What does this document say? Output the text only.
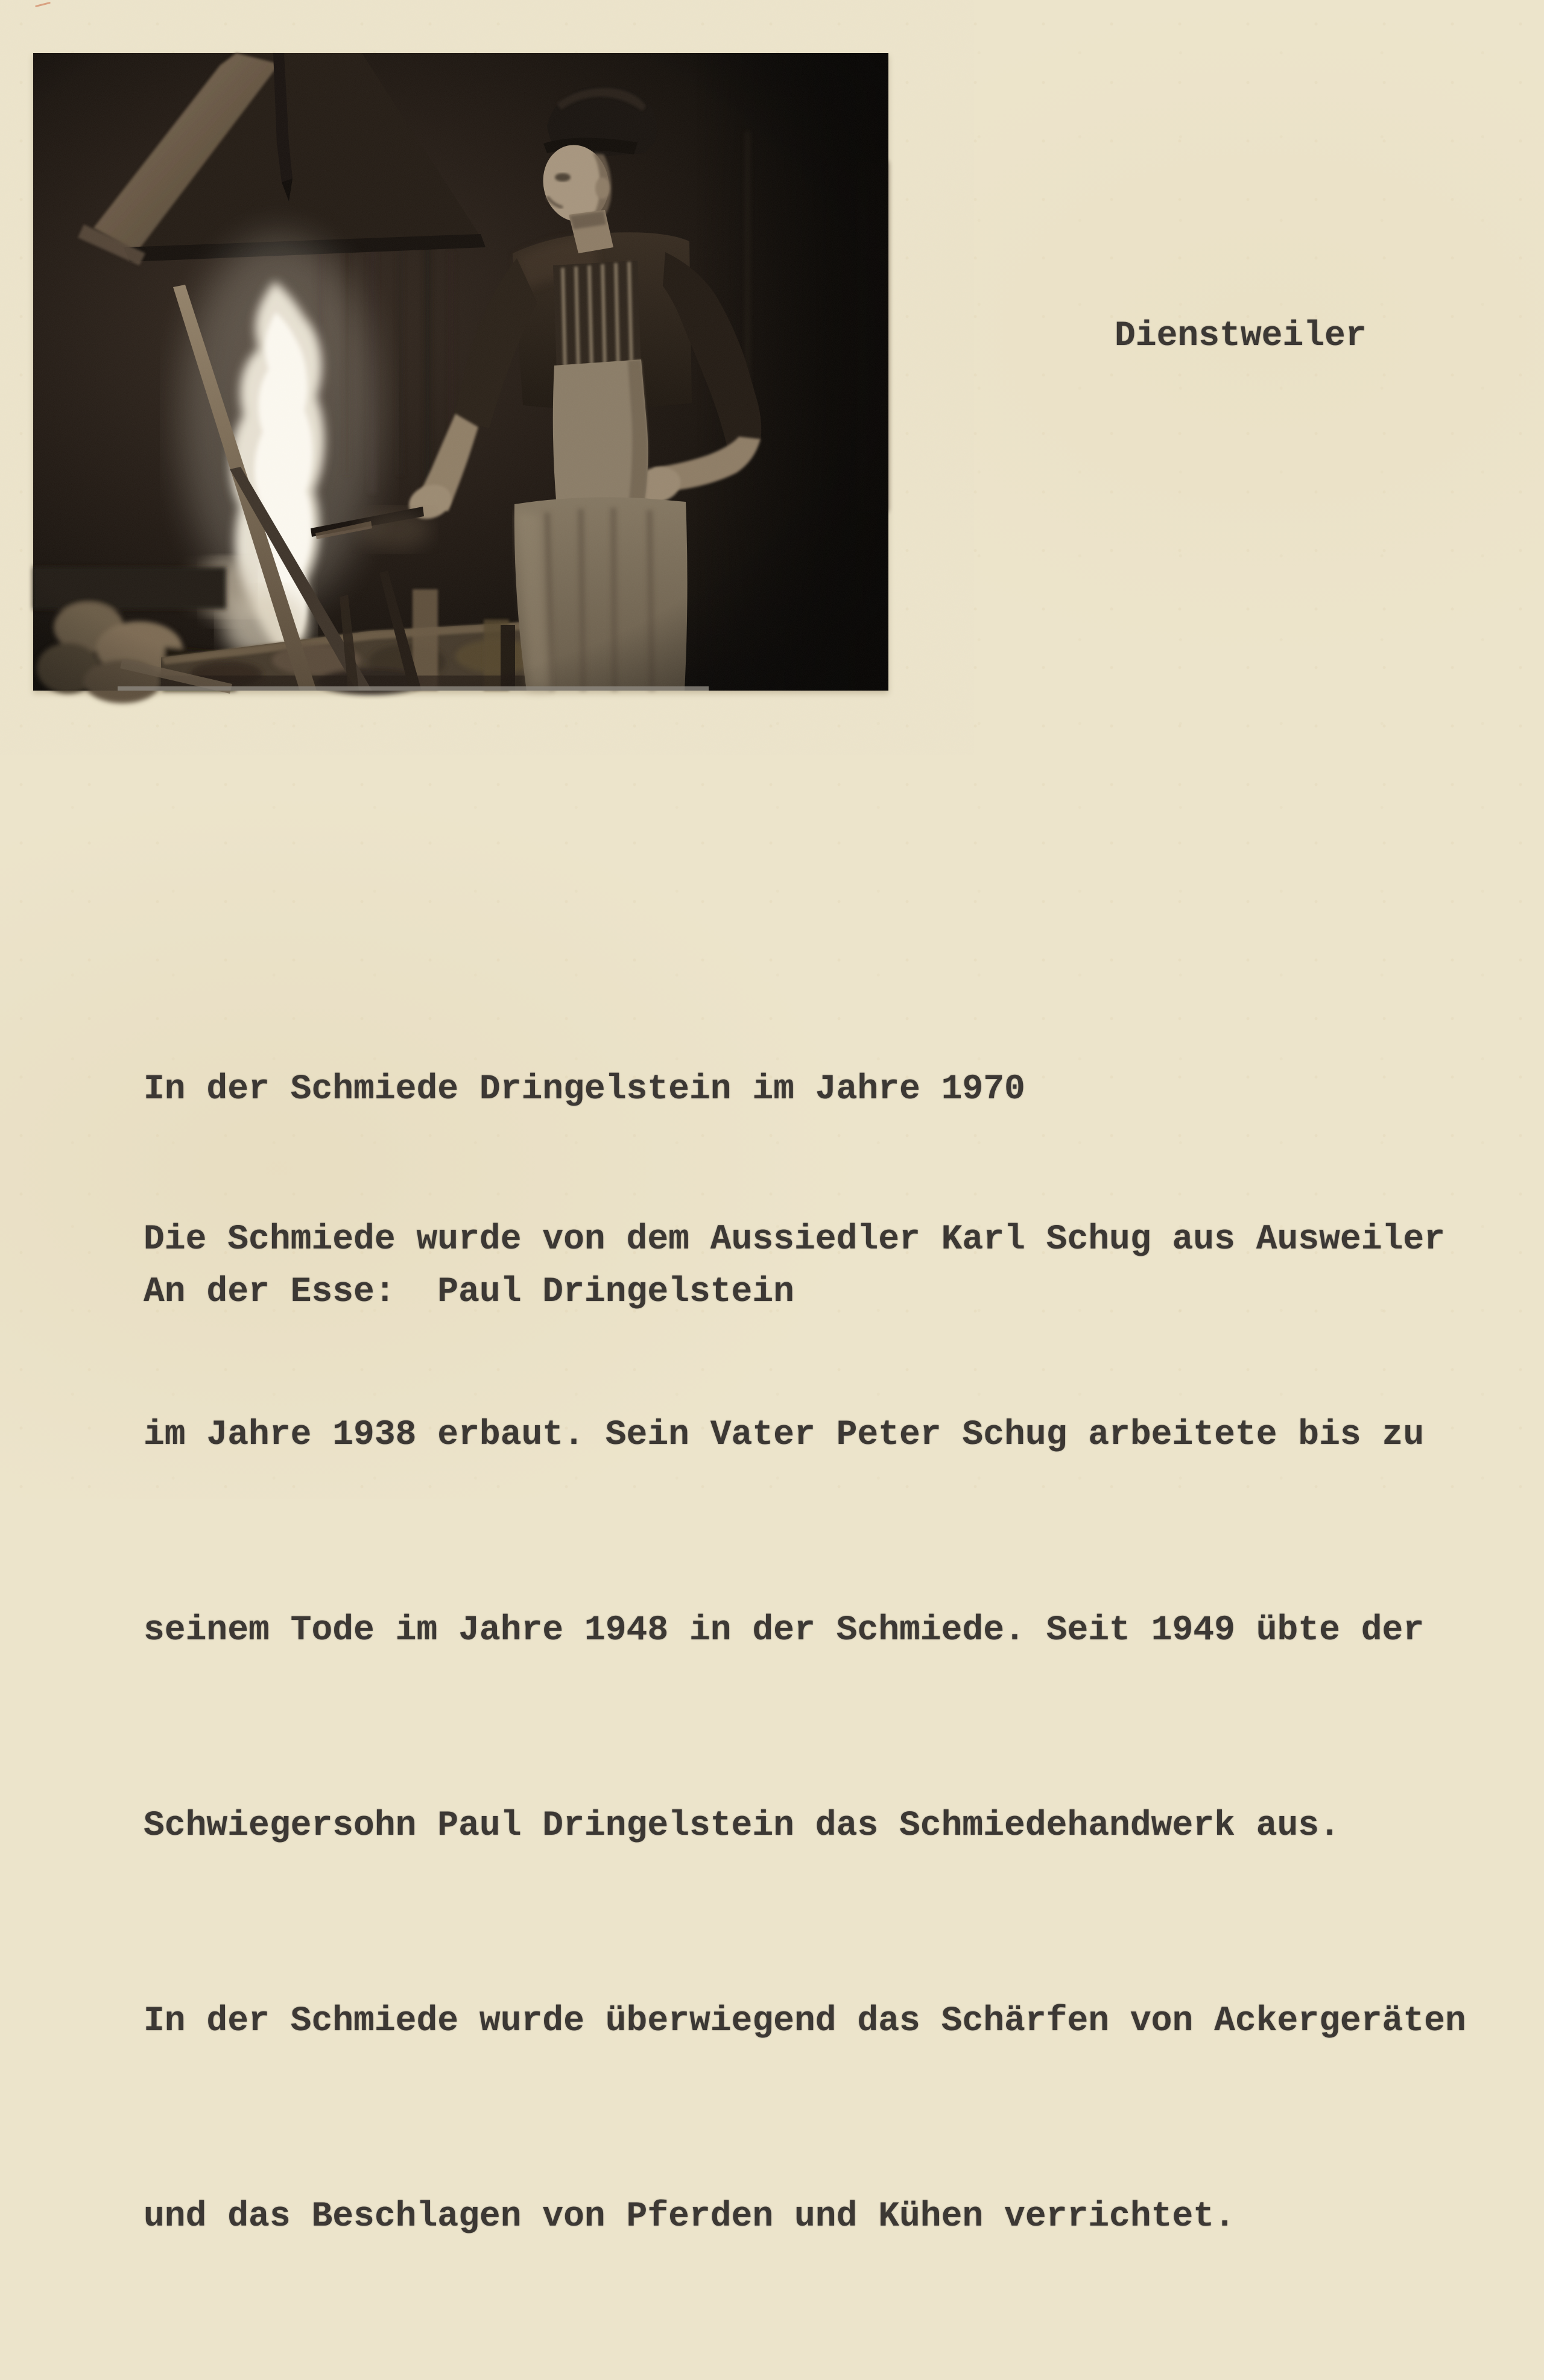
Dienstweiler

In der Schmiede Dringelstein im Jahre 1970

An der Esse:  Paul Dringelstein

Die Schmiede wurde von dem Aussiedler Karl Schug aus Ausweiler

im Jahre 1938 erbaut. Sein Vater Peter Schug arbeitete bis zu

seinem Tode im Jahre 1948 in der Schmiede. Seit 1949 übte der

Schwiegersohn Paul Dringelstein das Schmiedehandwerk aus.

In der Schmiede wurde überwiegend das Schärfen von Ackergeräten

und das Beschlagen von Pferden und Kühen verrichtet.
